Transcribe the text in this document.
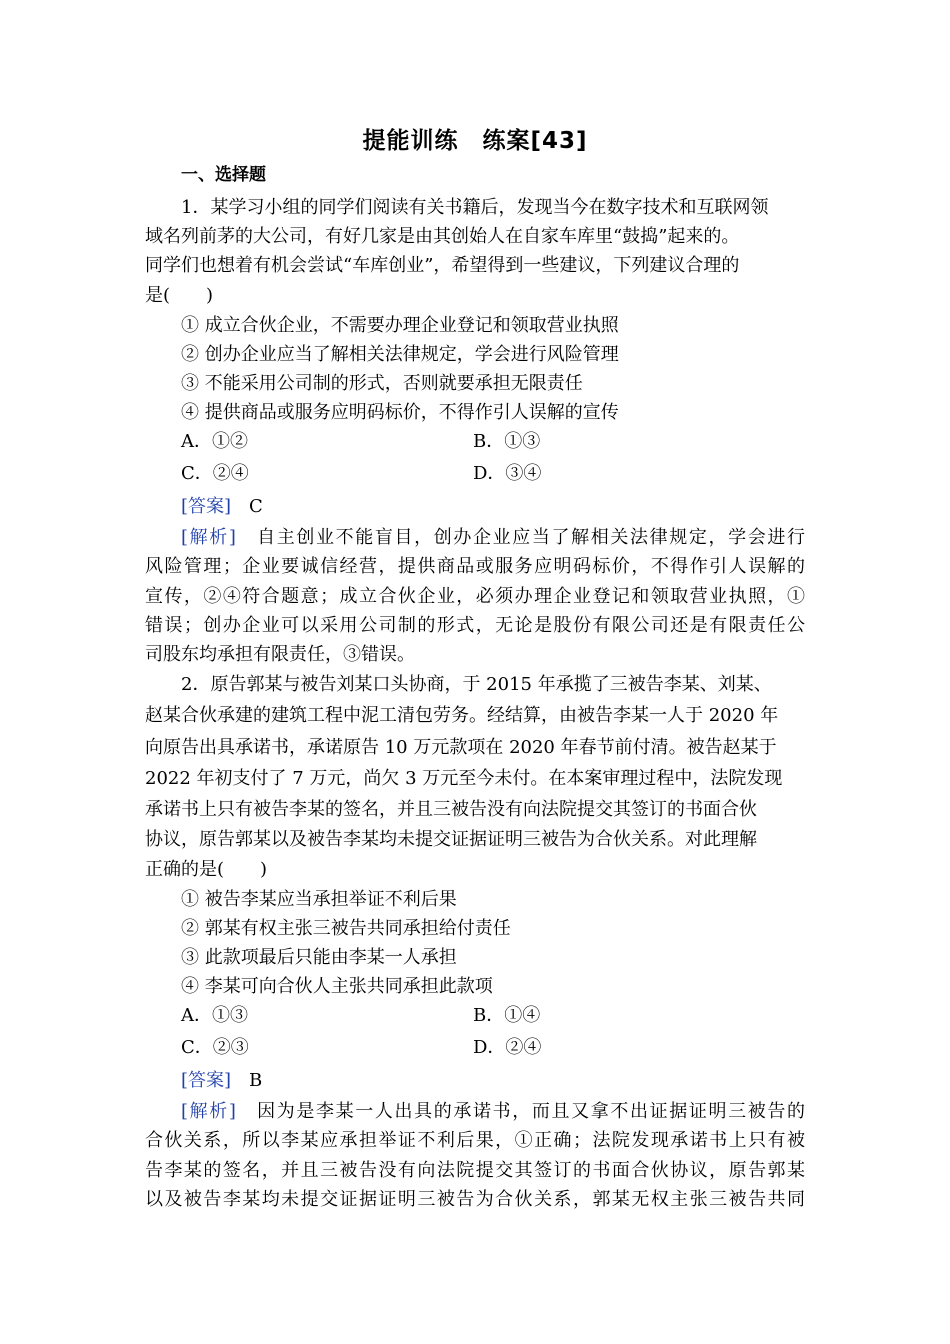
提能训练　练案[43]
一、选择题
1．某学习小组的同学们阅读有关书籍后，发现当今在数字技术和互联网领
域名列前茅的大公司，有好几家是由其创始人在自家车库里“鼓捣”起来的。
同学们也想着有机会尝试“车库创业”，希望得到一些建议，下列建议合理的
是(　　)
① 成立合伙企业，不需要办理企业登记和领取营业执照
② 创办企业应当了解相关法律规定，学会进行风险管理
③ 不能采用公司制的形式，否则就要承担无限责任
④ 提供商品或服务应明码标价，不得作引人误解的宣传
A．①②	B．①③
C．②④	D．③④
[答案]　 C
[解析]　 自主创业不能盲目，创办企业应当了解相关法律规定，学会进行
风险管理；企业要诚信经营，提供商品或服务应明码标价，不得作引人误解的
宣传，②④符合题意；成立合伙企业，必须办理企业登记和领取营业执照，①
错误；创办企业可以采用公司制的形式，无论是股份有限公司还是有限责任公
司股东均承担有限责任，③错误。
2．原告郭某与被告刘某口头协商，于 2015 年承揽了三被告李某、刘某、
赵某合伙承建的建筑工程中泥工清包劳务。经结算，由被告李某一人于 2020 年
向原告出具承诺书，承诺原告 10 万元款项在 2020 年春节前付清。被告赵某于
2022 年初支付了 7 万元，尚欠 3 万元至今未付。在本案审理过程中，法院发现
承诺书上只有被告李某的签名，并且三被告没有向法院提交其签订的书面合伙
协议，原告郭某以及被告李某均未提交证据证明三被告为合伙关系。对此理解
正确的是(　　)
① 被告李某应当承担举证不利后果
② 郭某有权主张三被告共同承担给付责任
③ 此款项最后只能由李某一人承担
④ 李某可向合伙人主张共同承担此款项
A．①③	B．①④
C．②③	D．②④
[答案]　 B
[解析]　 因为是李某一人出具的承诺书，而且又拿不出证据证明三被告的
合伙关系，所以李某应承担举证不利后果，①正确；法院发现承诺书上只有被
告李某的签名，并且三被告没有向法院提交其签订的书面合伙协议，原告郭某
以及被告李某均未提交证据证明三被告为合伙关系，郭某无权主张三被告共同
